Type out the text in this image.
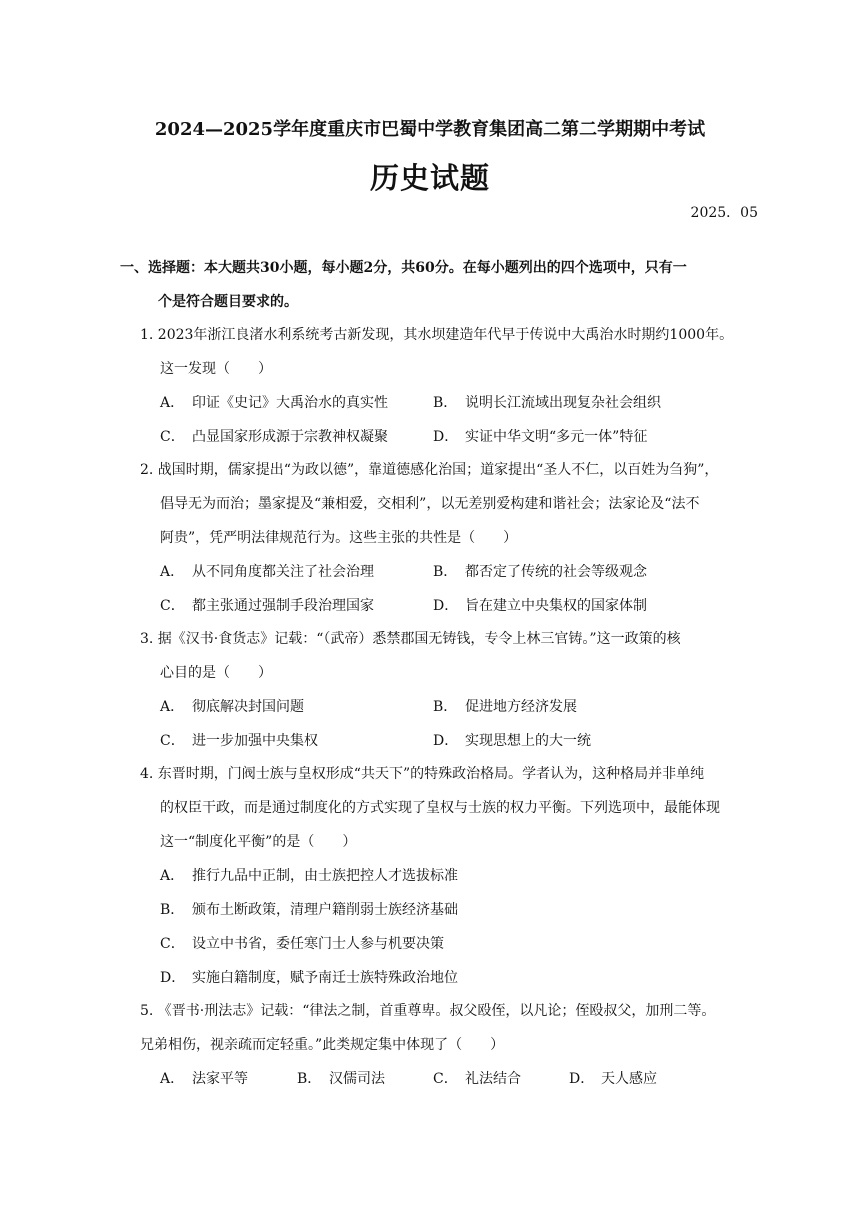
2024—2025学年度重庆市巴蜀中学教育集团高二第二学期期中考试
历史试题
2025．05
一、选择题：本大题共30小题，每小题2分，共60分。在每小题列出的四个选项中，只有一
个是符合题目要求的。
1. 2023年浙江良渚水利系统考古新发现，其水坝建造年代早于传说中大禹治水时期约1000年。
这一发现（　　）
A． 印证《史记》大禹治水的真实性	B． 说明长江流域出现复杂社会组织
C． 凸显国家形成源于宗教神权凝聚	D． 实证中华文明“多元一体”特征
2. 战国时期，儒家提出“为政以德”，靠道德感化治国；道家提出“圣人不仁，以百姓为刍狗”，
倡导无为而治；墨家提及“兼相爱，交相利”，以无差别爱构建和谐社会；法家论及“法不
阿贵”，凭严明法律规范行为。这些主张的共性是（　　）
A． 从不同角度都关注了社会治理	B． 都否定了传统的社会等级观念
C． 都主张通过强制手段治理国家	D． 旨在建立中央集权的国家体制
3. 据《汉书·食货志》记载：“（武帝）悉禁郡国无铸钱，专令上林三官铸。”这一政策的核
心目的是（　　）
A． 彻底解决封国问题	B． 促进地方经济发展
C． 进一步加强中央集权	D． 实现思想上的大一统
4. 东晋时期，门阀士族与皇权形成“共天下”的特殊政治格局。学者认为，这种格局并非单纯
的权臣干政，而是通过制度化的方式实现了皇权与士族的权力平衡。下列选项中，最能体现
这一“制度化平衡”的是（　　）
A． 推行九品中正制，由士族把控人才选拔标准
B． 颁布土断政策，清理户籍削弱士族经济基础
C． 设立中书省，委任寒门士人参与机要决策
D． 实施白籍制度，赋予南迁士族特殊政治地位
5. 《晋书·刑法志》记载：“律法之制，首重尊卑。叔父殴侄，以凡论；侄殴叔父，加刑二等。
兄弟相伤，视亲疏而定轻重。”此类规定集中体现了（　　）
A． 法家平等	B． 汉儒司法	C． 礼法结合	D． 天人感应
